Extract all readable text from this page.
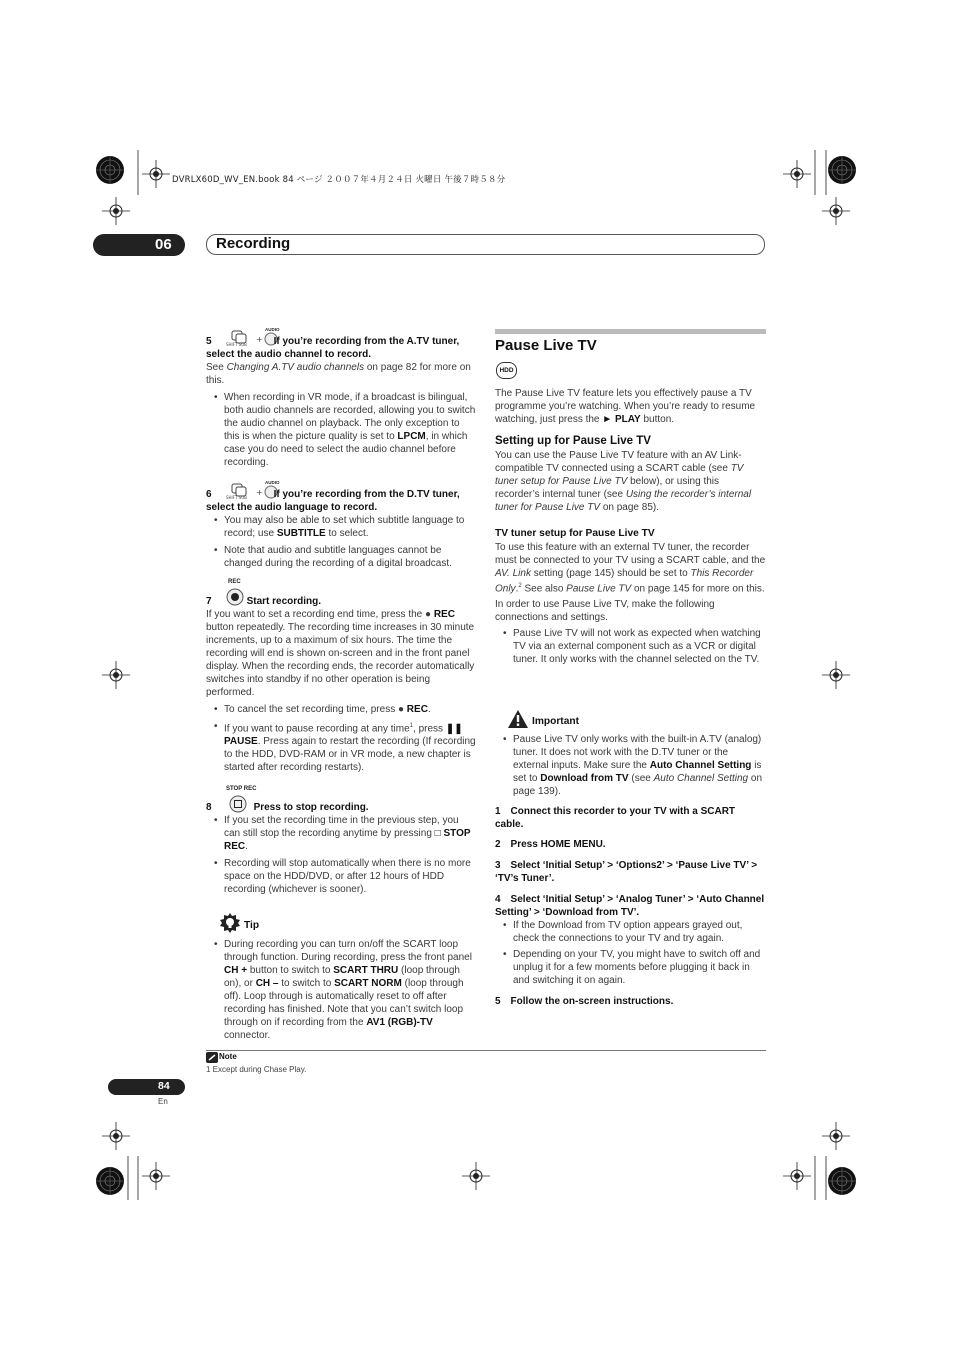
DVRLX60D_WV_EN.book 84 ページ ２００７年４月２４日 火曜日 午後７時５８分
06	Recording
SHIFT SUB
+
AUDIO

5	If you’re recording from the A.TV tuner, select the audio channel to record.

See Changing A.TV audio channels on page 82 for more on this.

• When recording in VR mode, if a broadcast is bilingual, both audio channels are recorded, allowing you to switch the audio channel on playback. The only exception to this is when the picture quality is set to LPCM, in which case you do need to select the audio channel before recording.

SHIFT SUB
+
AUDIO

6	If you’re recording from the D.TV tuner, select the audio language to record.

• You may also be able to set which subtitle language to record; use SUBTITLE to select.

• Note that audio and subtitle languages cannot be changed during the recording of a digital broadcast.

REC

7	Start recording.

If you want to set a recording end time, press the ● REC button repeatedly. The recording time increases in 30 minute increments, up to a maximum of six hours. The time the recording will end is shown on-screen and in the front panel display. When the recording ends, the recorder automatically switches into standby if no other operation is being performed.

• To cancel the set recording time, press ● REC.

• If you want to pause recording at any time$^1$, press ❚❚ PAUSE. Press again to restart the recording (If recording to the HDD, DVD-RAM or in VR mode, a new chapter is started after recording restarts).

STOP REC

8	Press to stop recording.

• If you set the recording time in the previous step, you can still stop the recording anytime by pressing □ STOP REC.

• Recording will stop automatically when there is no more space on the HDD/DVD, or after 12 hours of HDD recording (whichever is sooner).

Tip

• During recording you can turn on/off the SCART loop through function. During recording, press the front panel CH + button to switch to SCART THRU (loop through on), or CH – to switch to SCART NORM (loop through off). Loop through is automatically reset to off after recording has finished. Note that you can’t switch loop through on if recording from the AV1 (RGB)-TV connector.

Pause Live TV
HDD

The Pause Live TV feature lets you effectively pause a TV programme you’re watching. When you’re ready to resume watching, just press the ► PLAY button.

Setting up for Pause Live TV

You can use the Pause Live TV feature with an AV Link-compatible TV connected using a SCART cable (see TV tuner setup for Pause Live TV below), or using this recorder’s internal tuner (see Using the recorder’s internal tuner for Pause Live TV on page 85).

TV tuner setup for Pause Live TV

To use this feature with an external TV tuner, the recorder must be connected to your TV using a SCART cable, and the AV. Link setting (page 145) should be set to This Recorder Only.$^2$ See also Pause Live TV on page 145 for more on this.

In order to use Pause Live TV, make the following connections and settings.

• Pause Live TV will not work as expected when watching TV via an external component such as a VCR or digital tuner. It only works with the channel selected on the TV.

Important

• Pause Live TV only works with the built-in A.TV (analog) tuner. It does not work with the D.TV tuner or the external inputs. Make sure the Auto Channel Setting is set to Download from TV (see Auto Channel Setting on page 139).

1 Connect this recorder to your TV with a SCART cable.

2 Press HOME MENU.

3 Select ‘Initial Setup’ > ‘Options2’ > ‘Pause Live TV’ > ‘TV’s Tuner’.

4 Select ‘Initial Setup’ > ‘Analog Tuner’ > ‘Auto Channel Setting’ > ‘Download from TV’.

• If the Download from TV option appears grayed out, check the connections to your TV and try again.

• Depending on your TV, you might have to switch off and unplug it for a few moments before plugging it back in and switching it on again.

5 Follow the on-screen instructions.

Note
1 Except during Chase Play.
84
En
